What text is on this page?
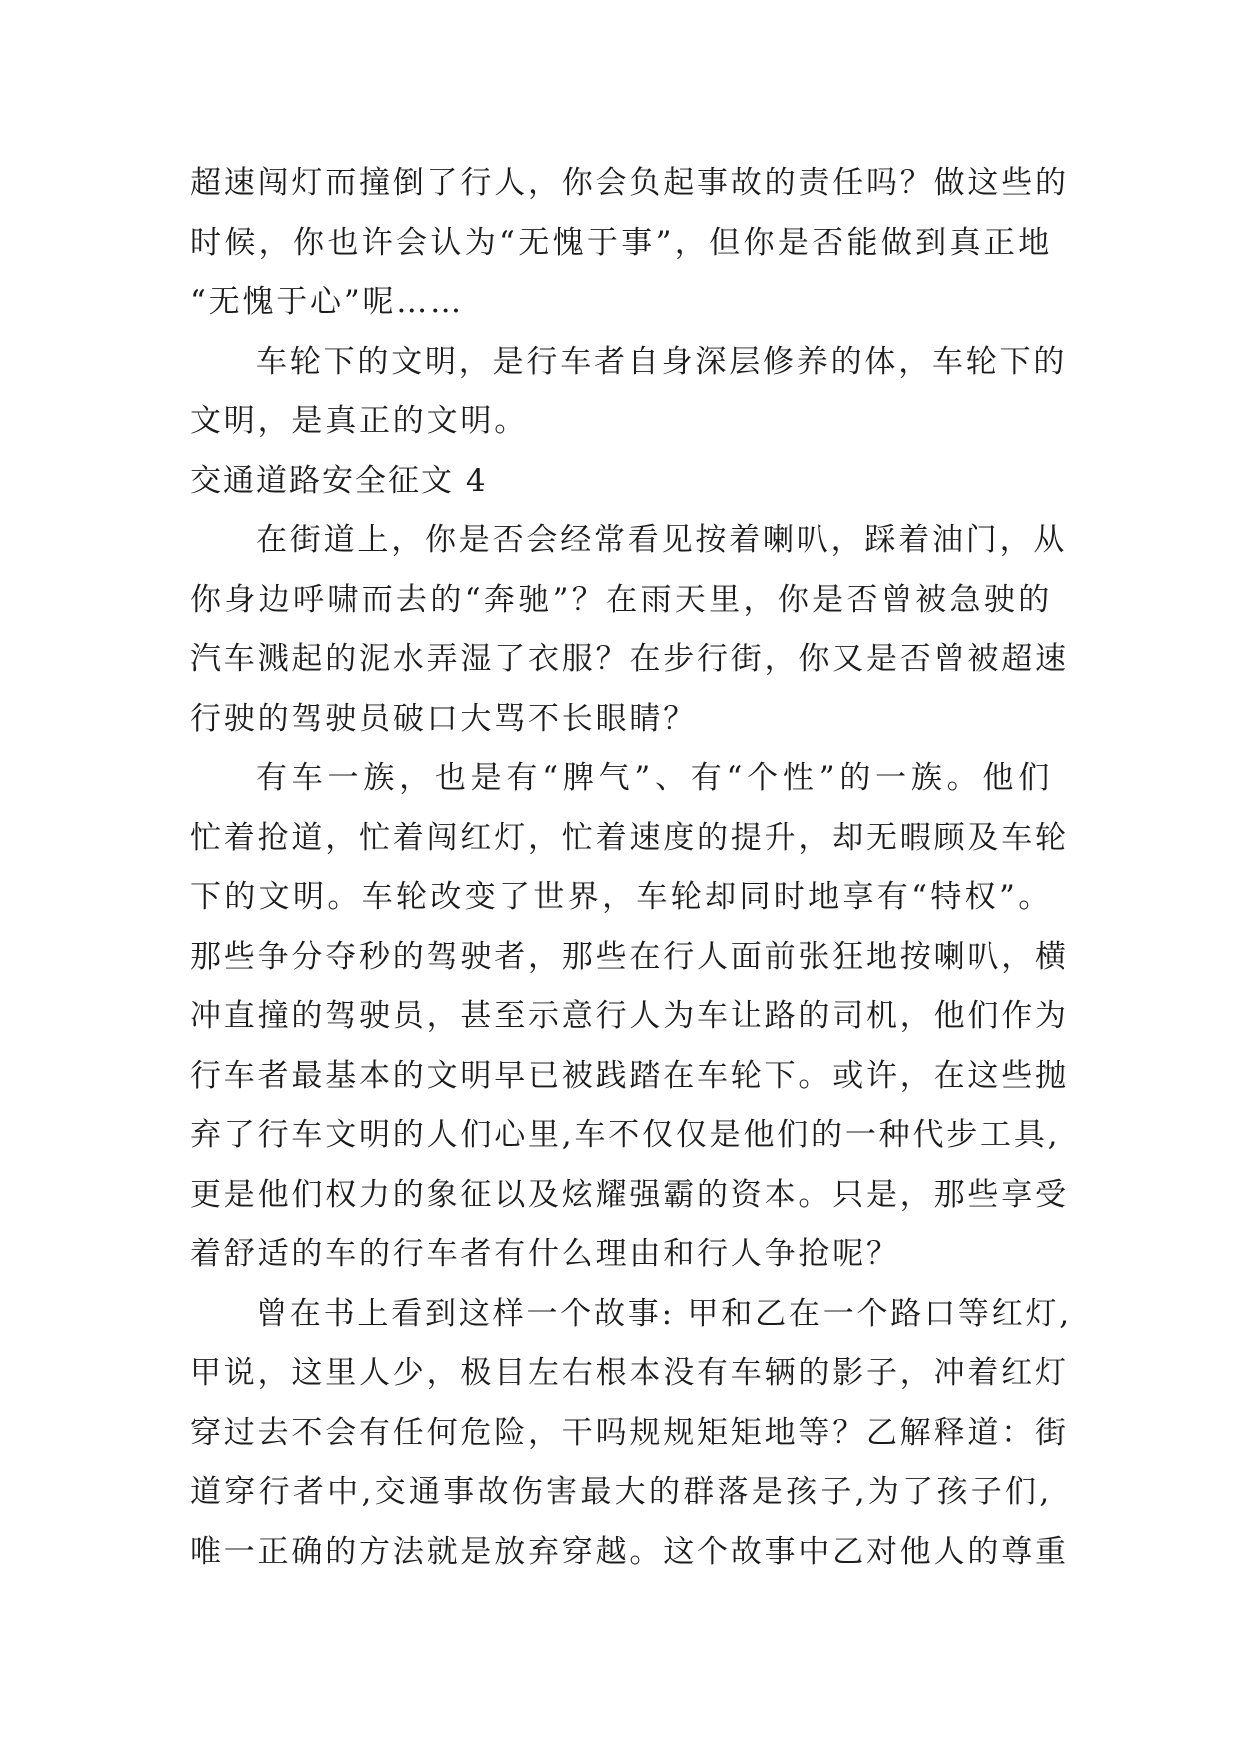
超速闯灯而撞倒了行人，你会负起事故的责任吗？做这些的
时候，你也许会认为“无愧于事”，但你是否能做到真正地
“无愧于心”呢……
车轮下的文明，是行车者自身深层修养的体，车轮下的
文明，是真正的文明。
交通道路安全征文 4
在街道上，你是否会经常看见按着喇叭，踩着油门，从
你身边呼啸而去的“奔驰”？在雨天里，你是否曾被急驶的
汽车溅起的泥水弄湿了衣服？在步行街，你又是否曾被超速
行驶的驾驶员破口大骂不长眼睛？
有车一族，也是有“脾气”、有“个性”的一族。他们
忙着抢道，忙着闯红灯，忙着速度的提升，却无暇顾及车轮
下的文明。车轮改变了世界，车轮却同时地享有“特权”。
那些争分夺秒的驾驶者，那些在行人面前张狂地按喇叭，横
冲直撞的驾驶员，甚至示意行人为车让路的司机，他们作为
行车者最基本的文明早已被践踏在车轮下。或许，在这些抛
弃了行车文明的人们心里,车不仅仅是他们的一种代步工具,
更是他们权力的象征以及炫耀强霸的资本。只是，那些享受
着舒适的车的行车者有什么理由和行人争抢呢？
曾在书上看到这样一个故事: 甲和乙在一个路口等红灯,
甲说，这里人少，极目左右根本没有车辆的影子，冲着红灯
穿过去不会有任何危险，干吗规规矩矩地等？乙解释道：街
道穿行者中,交通事故伤害最大的群落是孩子,为了孩子们,
唯一正确的方法就是放弃穿越。这个故事中乙对他人的尊重
